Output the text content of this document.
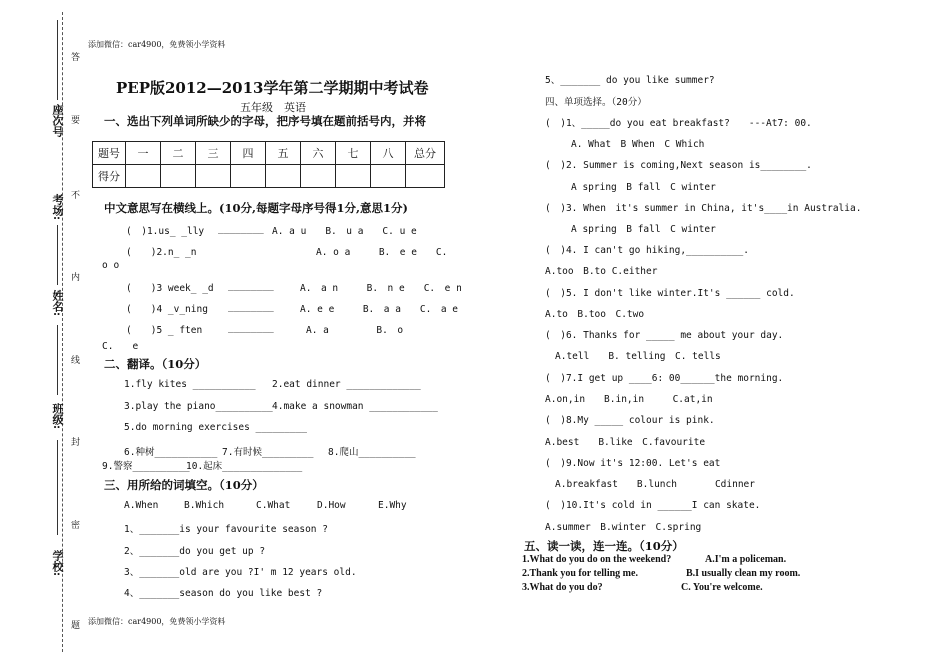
答
要
不
内
线
封
密
题
座次号
考场:
姓名:
班级:
学校:
添加微信：car4900，免费领小学资料
添加微信：car4900，免费领小学资料
PEP版2012—2013学年第二学期期中考试卷
五年级　英语
一、选出下列单词所缺少的字母，把序号填在题前括号内，并将
题号	一	二	三	四	五	六	七	八	总分
得分									
中文意思写在横线上。(10分,每题字母序号得1分,意思1分)
(　)1.us_ _lly ________ A. a u　　B.　u a　　C. u e
(　　)2.n_ _n	A. o a　　　B.　e e　　C.
o o
(　　)3 week_ _d ________	A.　a n　　　B.　n e　　C.　e n
(　　)4 _v_ning ________	A. e e　　　B.　a a　　C.　a e
(　　)5 _ ften	________	A. a　　　　　B.　o
C.　　e
二、翻译。（10分）
1.fly kites ___________ 2.eat dinner _____________
3.play the piano__________ 4.make a snowman ____________
5.do morning exercises _________
6.种树___________ 7.有时候_________ 8.爬山__________
9.警察__________
10.起床______________
三、用所给的词填空。（10分）
A.When	B.Which	C.What	D.How	E.Why
1、_______is your favourite season ?
2、_______do you get up ?
3、_______old are you ?I' m 12 years old.
4、_______season do you like best ?
5、_______ do you like summer?
四、单项选择。（20分）
(　)1、_____do you eat breakfast?　　---At7: 00.
A. What　B When　C Which
(　)2. Summer is coming,Next season is________.
A spring　B fall　C winter
(　)3. When　it's summer in China, it's____in Australia.
A spring　B fall　C winter
(　)4. I can't go hiking,__________.
A.too　B.to C.either
(　)5. I don't like winter.It's ______ cold.
A.to　B.too　C.two
(　)6. Thanks for _____ me about your day.
A.tell　　B. telling　C. tells
(　)7.I get up ____6: 00______the morning.
A.on,in　　B.in,in　　　C.at,in
(　)8.My _____ colour is pink.
A.best　　B.like　C.favourite
(　)9.Now it's 12:00. Let's eat
A.breakfast　　B.lunch　　　　Cdinner
(　)10.It's cold in ______I can skate.
A.summer　B.winter　C.spring
五、读一读，连一连。（10分）
1.What do you do on the weekend?	A.I'm a policeman.
2.Thank you for telling me.	B.I usually clean my room.
3.What do you do?	C. You're welcome.
